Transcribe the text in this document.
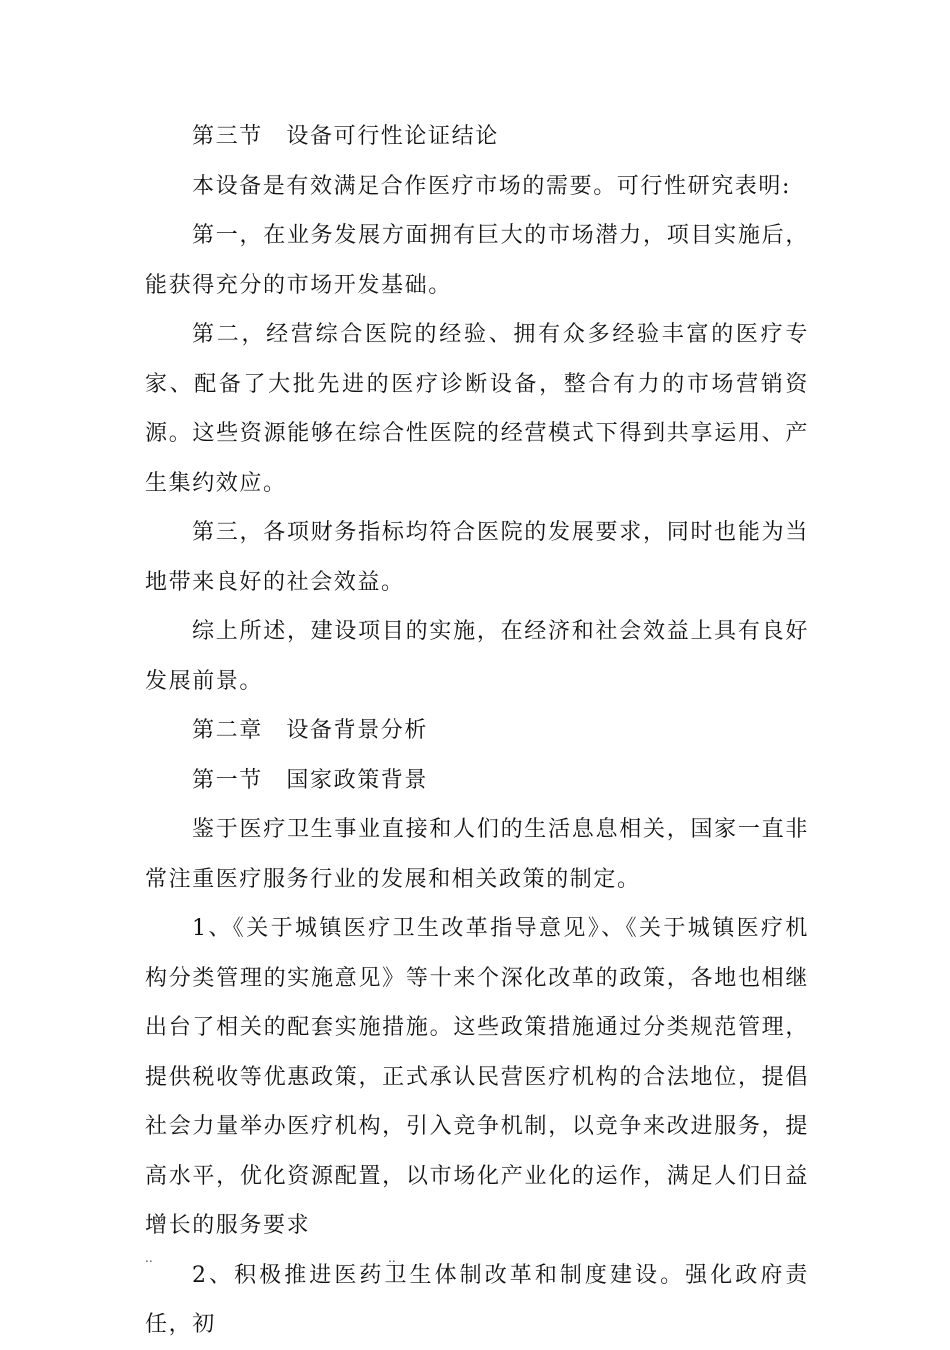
第三节　设备可行性论证结论

本设备是有效满足合作医疗市场的需要。可行性研究表明:

第一，在业务发展方面拥有巨大的市场潜力，项目实施后，能获得充分的市场开发基础。

第二，经营综合医院的经验、拥有众多经验丰富的医疗专家、配备了大批先进的医疗诊断设备，整合有力的市场营销资源。这些资源能够在综合性医院的经营模式下得到共享运用、产生集约效应。

第三，各项财务指标均符合医院的发展要求，同时也能为当地带来良好的社会效益。

综上所述，建设项目的实施，在经济和社会效益上具有良好发展前景。

第二章　设备背景分析

第一节　国家政策背景

鉴于医疗卫生事业直接和人们的生活息息相关，国家一直非常注重医疗服务行业的发展和相关政策的制定。

1、《关于城镇医疗卫生改革指导意见》、《关于城镇医疗机构分类管理的实施意见》等十来个深化改革的政策，各地也相继出台了相关的配套实施措施。这些政策措施通过分类规范管理，提供税收等优惠政策，正式承认民营医疗机构的合法地位，提倡社会力量举办医疗机构，引入竞争机制，以竞争来改进服务，提高水平，优化资源配置，以市场化产业化的运作，满足人们日益增长的服务要求

2、积极推进医药卫生体制改革和制度建设。强化政府责任，初

..	..
